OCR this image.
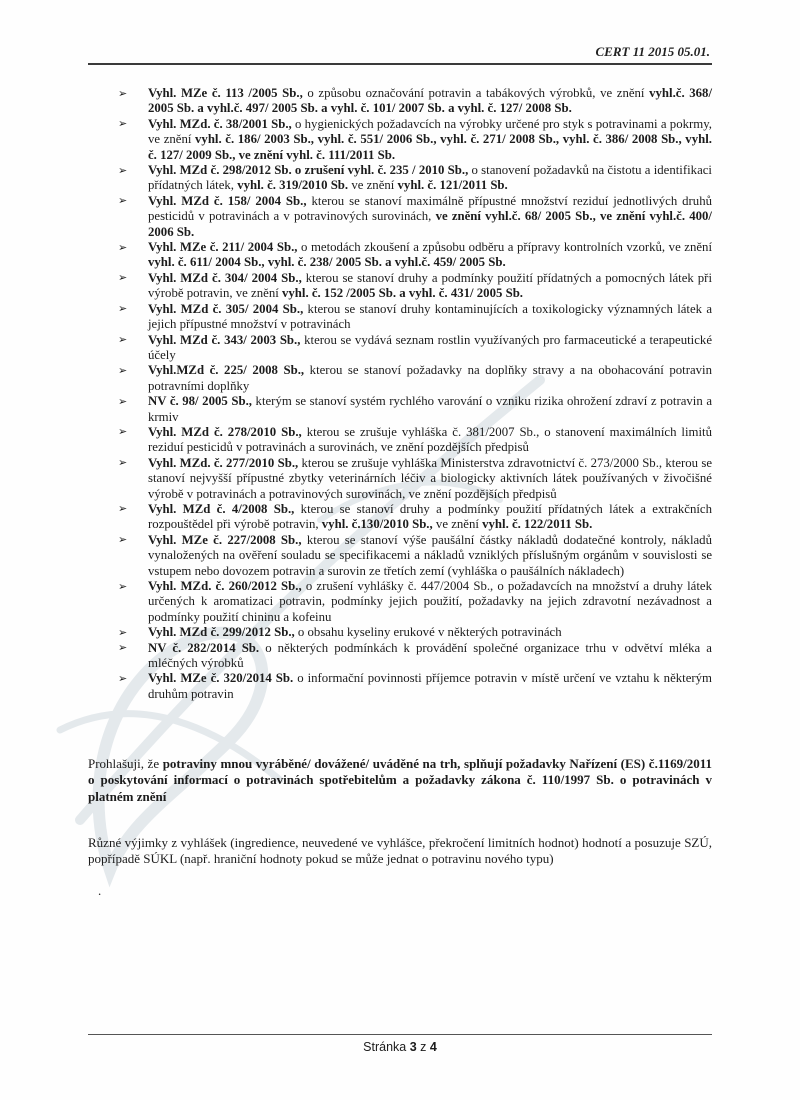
CERT 11 2015 05.01.
➢ Vyhl. MZe č. 113 /2005 Sb., o způsobu označování potravin a tabákových výrobků, ve znění vyhl.č. 368/ 2005 Sb. a vyhl.č. 497/ 2005 Sb. a vyhl. č. 101/ 2007 Sb. a vyhl. č. 127/ 2008 Sb.
➢ Vyhl. MZd. č. 38/2001 Sb., o hygienických požadavcích na výrobky určené pro styk s potravinami a pokrmy, ve znění vyhl. č. 186/ 2003 Sb., vyhl. č. 551/ 2006 Sb., vyhl. č. 271/ 2008 Sb., vyhl. č. 386/ 2008 Sb., vyhl. č. 127/ 2009 Sb., ve znění vyhl. č. 111/2011 Sb.
➢ Vyhl. MZd č. 298/2012 Sb. o zrušení vyhl. č. 235 / 2010 Sb., o stanovení požadavků na čistotu a identifikaci přídatných látek, vyhl. č. 319/2010 Sb. ve znění vyhl. č. 121/2011 Sb.
➢ Vyhl. MZd č. 158/ 2004 Sb., kterou se stanoví maximálně přípustné množství reziduí jednotlivých druhů pesticidů v potravinách a v potravinových surovinách, ve znění vyhl.č. 68/ 2005 Sb., ve znění vyhl.č. 400/ 2006 Sb.
➢ Vyhl. MZe č. 211/ 2004 Sb., o metodách zkoušení a způsobu odběru a přípravy kontrolních vzorků, ve znění vyhl. č. 611/ 2004 Sb., vyhl. č. 238/ 2005 Sb. a vyhl.č. 459/ 2005 Sb.
➢ Vyhl. MZd č. 304/ 2004 Sb., kterou se stanoví druhy a podmínky použití přídatných a pomocných látek při výrobě potravin, ve znění vyhl. č. 152 /2005 Sb. a vyhl. č. 431/ 2005 Sb.
➢ Vyhl. MZd č. 305/ 2004 Sb., kterou se stanoví druhy kontaminujících a toxikologicky významných látek a jejich přípustné množství v potravinách
➢ Vyhl. MZd č. 343/ 2003 Sb., kterou se vydává seznam rostlin využívaných pro farmaceutické a terapeutické účely
➢ Vyhl.MZd č. 225/ 2008 Sb., kterou se stanoví požadavky na doplňky stravy a na obohacování potravin potravními doplňky
➢ NV č. 98/ 2005 Sb., kterým se stanoví systém rychlého varování o vzniku rizika ohrožení zdraví z potravin a krmiv
➢ Vyhl. MZd č. 278/2010 Sb., kterou se zrušuje vyhláška č. 381/2007 Sb., o stanovení maximálních limitů reziduí pesticidů v potravinách a surovinách, ve znění pozdějších předpisů
➢ Vyhl. MZd. č. 277/2010 Sb., kterou se zrušuje vyhláška Ministerstva zdravotnictví č. 273/2000 Sb., kterou se stanoví nejvyšší přípustné zbytky veterinárních léčiv a biologicky aktivních látek používaných v živočišné výrobě v potravinách a potravinových surovinách, ve znění pozdějších předpisů
➢ Vyhl. MZd č. 4/2008 Sb., kterou se stanoví druhy a podmínky použití přídatných látek a extrakčních rozpouštědel při výrobě potravin, vyhl. č.130/2010 Sb., ve znění vyhl. č. 122/2011 Sb.
➢ Vyhl. MZe č. 227/2008 Sb., kterou se stanoví výše paušální částky nákladů dodatečné kontroly, nákladů vynaložených na ověření souladu se specifikacemi a nákladů vzniklých příslušným orgánům v souvislosti se vstupem nebo dovozem potravin a surovin ze třetích zemí (vyhláška o paušálních nákladech)
➢ Vyhl. MZd. č. 260/2012 Sb., o zrušení vyhlášky č. 447/2004 Sb., o požadavcích na množství a druhy látek určených k aromatizaci potravin, podmínky jejich použití, požadavky na jejich zdravotní nezávadnost a podmínky použití chininu a kofeinu
➢ Vyhl. MZd č. 299/2012 Sb., o obsahu kyseliny erukové v některých potravinách
➢ NV č. 282/2014 Sb. o některých podmínkách k provádění společné organizace trhu v odvětví mléka a mléčných výrobků
➢ Vyhl. MZe č. 320/2014 Sb. o informační povinnosti příjemce potravin v místě určení ve vztahu k některým druhům potravin

Prohlašuji, že potraviny mnou vyráběné/ dovážené/ uváděné na trh, splňují požadavky Nařízení (ES) č.1169/2011 o poskytování informací o potravinách spotřebitelům a požadavky zákona č. 110/1997 Sb. o potravinách v platném znění

Různé výjimky z vyhlášek (ingredience, neuvedené ve vyhlášce, překročení limitních hodnot) hodnotí a posuzuje SZÚ, popřípadě SÚKL (např. hraniční hodnoty pokud se může jednat o potravinu nového typu)

.

Stránka 3 z 4
